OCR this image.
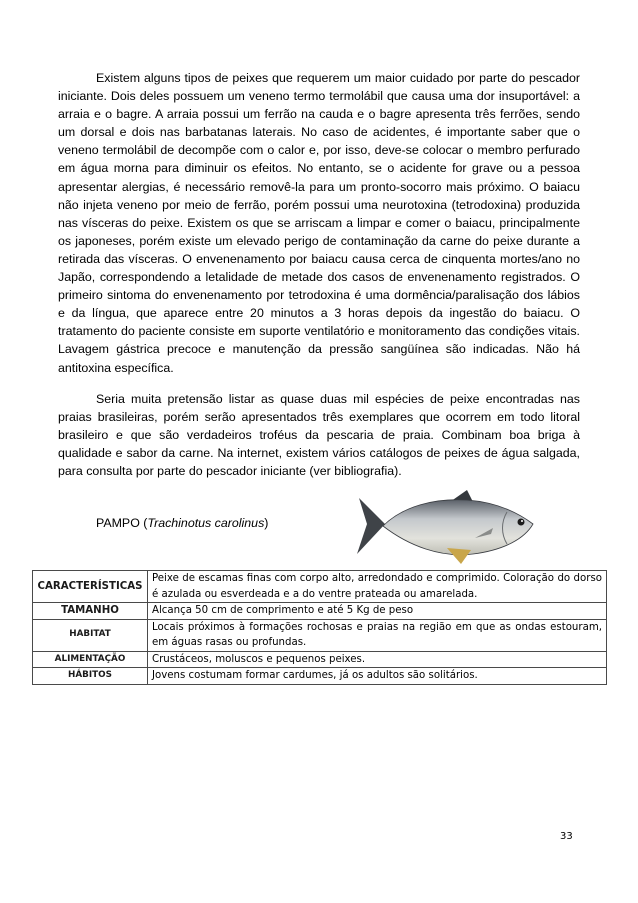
Existem alguns tipos de peixes que requerem um maior cuidado por parte do pescador iniciante. Dois deles possuem um veneno termo termolábil que causa uma dor insuportável: a arraia e o bagre. A arraia possui um ferrão na cauda e o bagre apresenta três ferrões, sendo um dorsal e dois nas barbatanas laterais. No caso de acidentes, é importante saber que o veneno termolábil de decompõe com o calor e, por isso, deve-se colocar o membro perfurado em água morna para diminuir os efeitos. No entanto, se o acidente for grave ou a pessoa apresentar alergias, é necessário removê-la para um pronto-socorro mais próximo. O baiacu não injeta veneno por meio de ferrão, porém possui uma neurotoxina (tetrodoxina) produzida nas vísceras do peixe. Existem os que se arriscam a limpar e comer o baiacu, principalmente os japoneses, porém existe um elevado perigo de contaminação da carne do peixe durante a retirada das vísceras. O envenenamento por baiacu causa cerca de cinquenta mortes/ano no Japão, correspondendo a letalidade de metade dos casos de envenenamento registrados. O primeiro sintoma do envenenamento por tetrodoxina é uma dormência/paralisação dos lábios e da língua, que aparece entre 20 minutos a 3 horas depois da ingestão do baiacu. O tratamento do paciente consiste em suporte ventilatório e monitoramento das condições vitais. Lavagem gástrica precoce e manutenção da pressão sangüínea são indicadas. Não há antitoxina específica.

Seria muita pretensão listar as quase duas mil espécies de peixe encontradas nas praias brasileiras, porém serão apresentados três exemplares que ocorrem em todo litoral brasileiro e que são verdadeiros troféus da pescaria de praia. Combinam boa briga à qualidade e sabor da carne. Na internet, existem vários catálogos de peixes de água salgada, para consulta por parte do pescador iniciante (ver bibliografia).

PAMPO (Trachinotus carolinus)

CARACTERÍSTICAS	Peixe de escamas finas com corpo alto, arredondado e comprimido. Coloração do dorso é azulada ou esverdeada e a do ventre prateada ou amarelada.
TAMANHO	Alcança 50 cm de comprimento e até 5 Kg de peso
HABITAT	Locais próximos à formações rochosas e praias na região em que as ondas estouram, em águas rasas ou profundas.
ALIMENTAÇÃO	Crustáceos, moluscos e pequenos peixes.
HÁBITOS	Jovens costumam formar cardumes, já os adultos são solitários.
33
